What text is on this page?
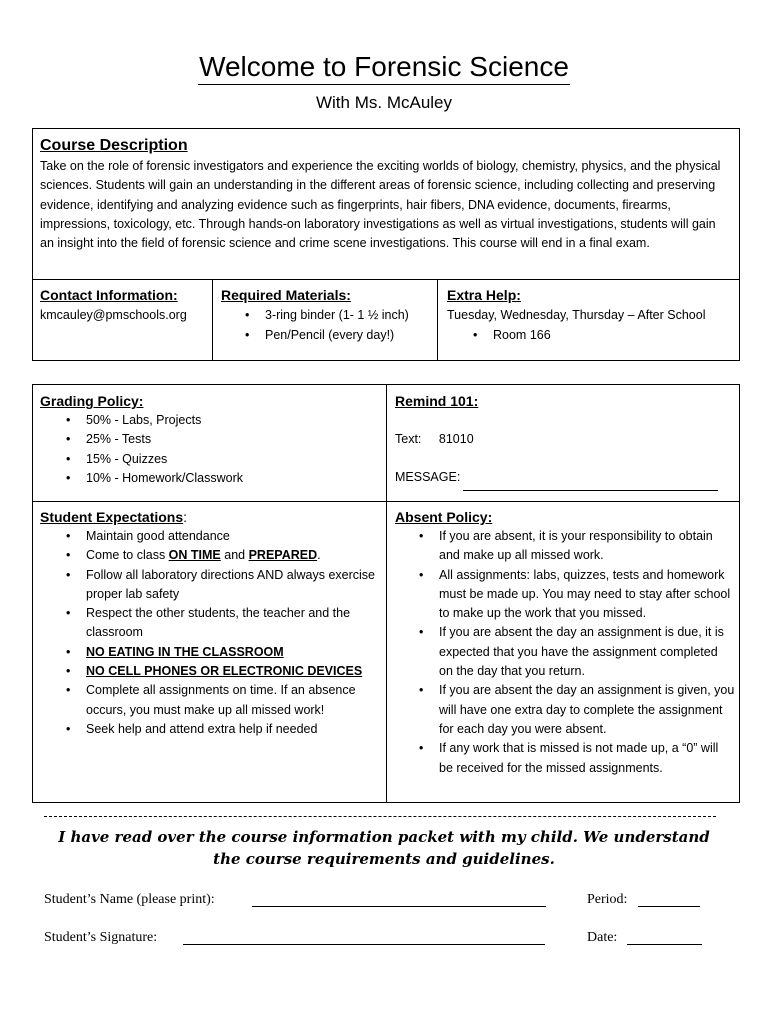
Welcome to Forensic Science
With Ms. McAuley
Course Description
Take on the role of forensic investigators and experience the exciting worlds of biology, chemistry, physics, and the physical sciences. Students will gain an understanding in the different areas of forensic science, including collecting and preserving evidence, identifying and analyzing evidence such as fingerprints, hair fibers, DNA evidence, documents, firearms, impressions, toxicology, etc. Through hands-on laboratory investigations as well as virtual investigations, students will gain an insight into the field of forensic science and crime scene investigations. This course will end in a final exam.
Contact Information:
kmcauley@pmschools.org
Required Materials:
• 3-ring binder (1- 1 ½ inch)
• Pen/Pencil (every day!)
Extra Help:
Tuesday, Wednesday, Thursday – After School
• Room 166
Grading Policy:
• 50% - Labs, Projects
• 25% - Tests
• 15% - Quizzes
• 10% - Homework/Classwork
Remind 101:
Text: 81010
MESSAGE:
Student Expectations:
• Maintain good attendance
• Come to class ON TIME and PREPARED.
• Follow all laboratory directions AND always exercise proper lab safety
• Respect the other students, the teacher and the classroom
• NO EATING IN THE CLASSROOM
• NO CELL PHONES OR ELECTRONIC DEVICES
• Complete all assignments on time. If an absence occurs, you must make up all missed work!
• Seek help and attend extra help if needed
Absent Policy:
• If you are absent, it is your responsibility to obtain and make up all missed work.
• All assignments: labs, quizzes, tests and homework must be made up. You may need to stay after school to make up the work that you missed.
• If you are absent the day an assignment is due, it is expected that you have the assignment completed on the day that you return.
• If you are absent the day an assignment is given, you will have one extra day to complete the assignment for each day you were absent.
• If any work that is missed is not made up, a “0” will be received for the missed assignments.
I have read over the course information packet with my child. We understand the course requirements and guidelines.
Student’s Name (please print):	Period:
Student’s Signature:	Date:
